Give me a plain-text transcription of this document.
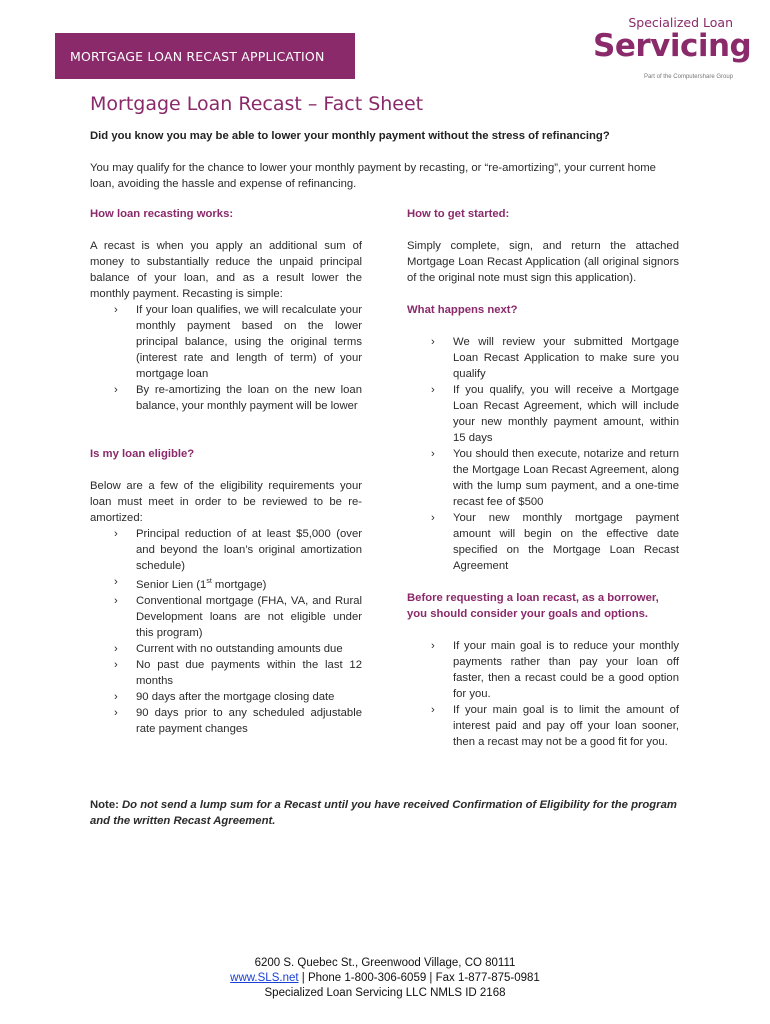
MORTGAGE LOAN RECAST APPLICATION
Specialized Loan
Servicing
Part of the Computershare Group
Mortgage Loan Recast – Fact Sheet
Did you know you may be able to lower your monthly payment without the stress of refinancing?
You may qualify for the chance to lower your monthly payment by recasting, or “re-amortizing”, your current home loan, avoiding the hassle and expense of refinancing.

How loan recasting works:

A recast is when you apply an additional sum of money to substantially reduce the unpaid principal balance of your loan, and as a result lower the monthly payment. Recasting is simple:

› If your loan qualifies, we will recalculate your monthly payment based on the lower principal balance, using the original terms (interest rate and length of term) of your mortgage loan
› By re-amortizing the loan on the new loan balance, your monthly payment will be lower

Is my loan eligible?

Below are a few of the eligibility requirements your loan must meet in order to be reviewed to be re-amortized:

› Principal reduction of at least $5,000 (over and beyond the loan’s original amortization schedule)
› Senior Lien (1st mortgage)
› Conventional mortgage (FHA, VA, and Rural Development loans are not eligible under this program)
› Current with no outstanding amounts due
› No past due payments within the last 12 months
› 90 days after the mortgage closing date
› 90 days prior to any scheduled adjustable rate payment changes

How to get started:

Simply complete, sign, and return the attached Mortgage Loan Recast Application (all original signors of the original note must sign this application).

What happens next?

› We will review your submitted Mortgage Loan Recast Application to make sure you qualify
› If you qualify, you will receive a Mortgage Loan Recast Agreement, which will include your new monthly payment amount, within 15 days
› You should then execute, notarize and return the Mortgage Loan Recast Agreement, along with the lump sum payment, and a one-time recast fee of $500
› Your new monthly mortgage payment amount will begin on the effective date specified on the Mortgage Loan Recast Agreement

Before requesting a loan recast, as a borrower, you should consider your goals and options.

› If your main goal is to reduce your monthly payments rather than pay your loan off faster, then a recast could be a good option for you.
› If your main goal is to limit the amount of interest paid and pay off your loan sooner, then a recast may not be a good fit for you.
Note: Do not send a lump sum for a Recast until you have received Confirmation of Eligibility for the program and the written Recast Agreement.
6200 S. Quebec St., Greenwood Village, CO 80111
www.SLS.net | Phone 1-800-306-6059 | Fax 1-877-875-0981
Specialized Loan Servicing LLC NMLS ID 2168
